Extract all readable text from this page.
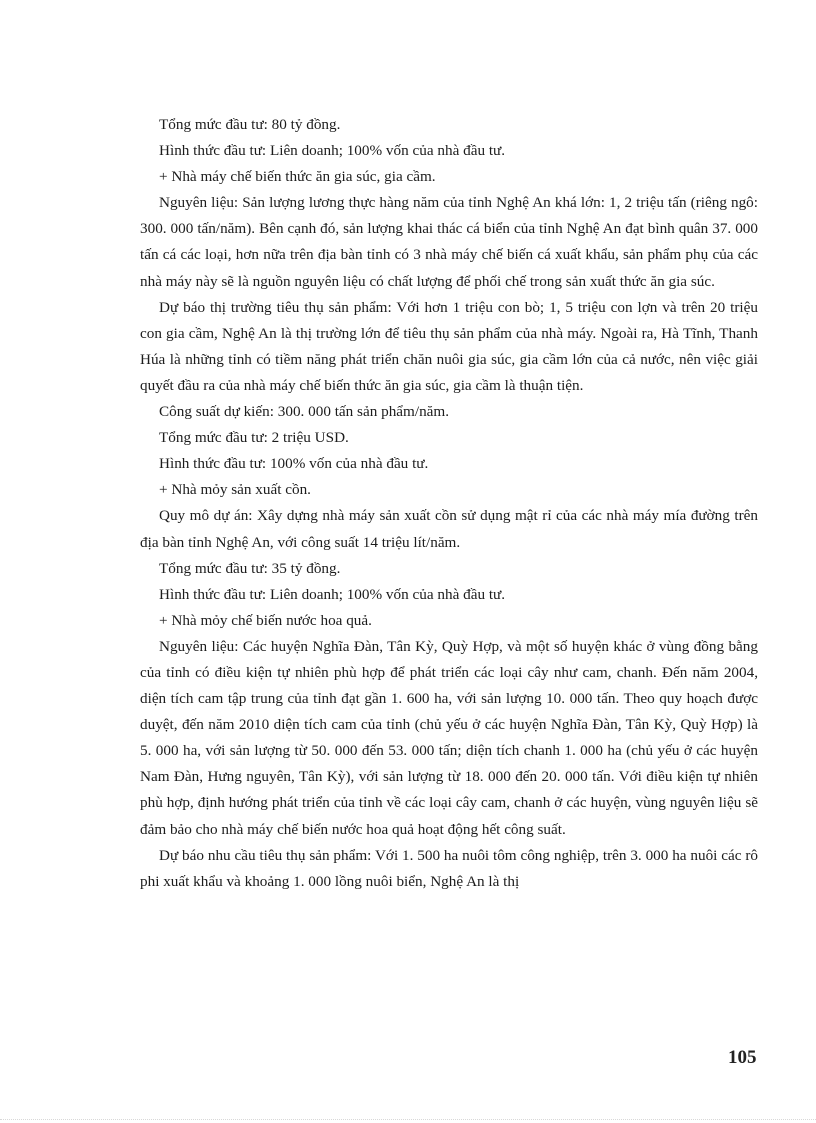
Tổng mức đầu tư: 80 tỷ đồng.

Hình thức đầu tư: Liên doanh; 100% vốn của nhà đầu tư.

+ Nhà máy chế biến thức ăn gia súc, gia cầm.

Nguyên liệu: Sản lượng lương thực hàng năm của tỉnh Nghệ An khá lớn: 1, 2 triệu tấn (riêng ngô: 300. 000 tấn/năm). Bên cạnh đó, sản lượng khai thác cá biển của tỉnh Nghệ An đạt bình quân 37. 000 tấn cá các loại, hơn nữa trên địa bàn tỉnh có 3 nhà máy chế biến cá xuất khẩu, sản phẩm phụ của các nhà máy này sẽ là nguồn nguyên liệu có chất lượng để phối chế trong sản xuất thức ăn gia súc.

Dự báo thị trường tiêu thụ sản phẩm: Với hơn 1 triệu con bò; 1, 5 triệu con lợn và trên 20 triệu con gia cầm, Nghệ An là thị trường lớn để tiêu thụ sản phẩm của nhà máy. Ngoài ra, Hà Tĩnh, Thanh Húa là những tỉnh có tiềm năng phát triển chăn nuôi gia súc, gia cầm lớn của cả nước, nên việc giải quyết đầu ra của nhà máy chế biến thức ăn gia súc, gia cầm là thuận tiện.

Công suất dự kiến: 300. 000 tấn sản phẩm/năm.

Tổng mức đầu tư: 2 triệu USD.

Hình thức đầu tư: 100% vốn của nhà đầu tư.

+ Nhà mỏy sản xuất cồn.

Quy mô dự án: Xây dựng nhà máy sản xuất cồn sử dụng mật rỉ của các nhà máy mía đường trên địa bàn tỉnh Nghệ An, với công suất 14 triệu lít/năm.

Tổng mức đầu tư: 35 tỷ đồng.

Hình thức đầu tư: Liên doanh; 100% vốn của nhà đầu tư.

+ Nhà mỏy chế biến nước hoa quả.

Nguyên liệu: Các huyện Nghĩa Đàn, Tân Kỳ, Quỳ Hợp, và một số huyện khác ở vùng đồng bằng của tỉnh có điều kiện tự nhiên phù hợp để phát triển các loại cây như cam, chanh. Đến năm 2004, diện tích cam tập trung của tỉnh đạt gần 1. 600 ha, với sản lượng 10. 000 tấn. Theo quy hoạch được duyệt, đến năm 2010 diện tích cam của tỉnh (chủ yếu ở các huyện Nghĩa Đàn, Tân Kỳ, Quỳ Hợp) là 5. 000 ha, với sản lượng từ 50. 000 đến 53. 000 tấn; diện tích chanh 1. 000 ha (chủ yếu ở các huyện Nam Đàn, Hưng nguyên, Tân Kỳ), với sản lượng từ 18. 000 đến 20. 000 tấn. Với điều kiện tự nhiên phù hợp, định hướng phát triển của tỉnh về các loại cây cam, chanh ở các huyện, vùng nguyên liệu sẽ đảm bảo cho nhà máy chế biến nước hoa quả hoạt động hết công suất.

Dự báo nhu cầu tiêu thụ sản phẩm: Với 1. 500 ha nuôi tôm công nghiệp, trên 3. 000 ha nuôi các rô phi xuất khẩu và khoảng 1. 000 lồng nuôi biển, Nghệ An là thị

105
